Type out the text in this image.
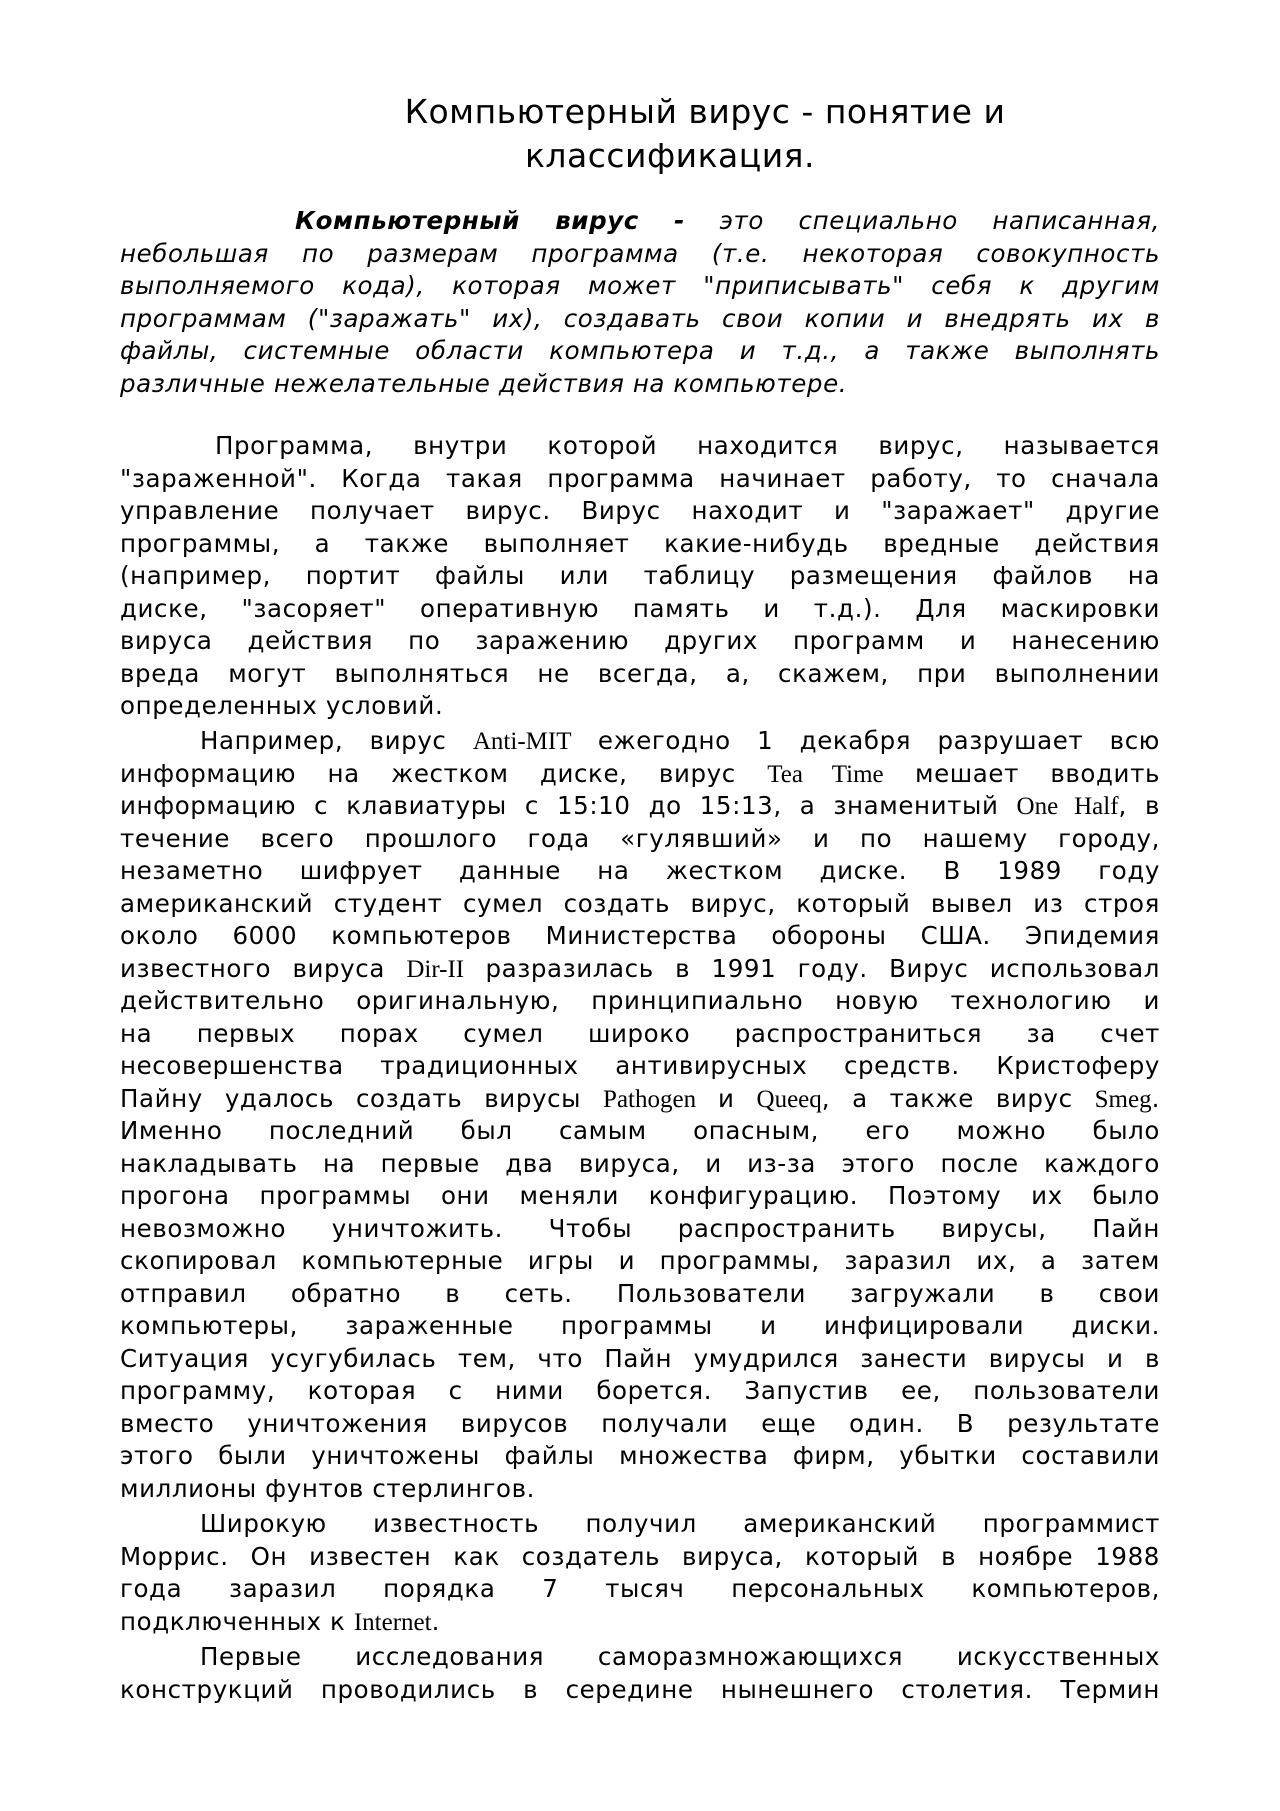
Компьютерный вирус - понятие и
классификация.
Компьютерный вирус - это специально написанная,
небольшая по размерам программа (т.е. некоторая совокупность
выполняемого кода), которая может "приписывать" себя к другим
программам ("заражать" их), создавать свои копии и внедрять их в
файлы, системные области компьютера и т.д., а также выполнять
различные нежелательные действия на компьютере.
Программа, внутри которой находится вирус, называется
"зараженной". Когда такая программа начинает работу, то сначала
управление получает вирус. Вирус находит и "заражает" другие
программы, а также выполняет какие-нибудь вредные действия
(например, портит файлы или таблицу размещения файлов на
диске, "засоряет" оперативную память и т.д.). Для маскировки
вируса действия по заражению других программ и нанесению
вреда могут выполняться не всегда, а, скажем, при выполнении
определенных условий.
Например, вирус Anti-MIT ежегодно 1 декабря разрушает всю
информацию на жестком диске, вирус Tea Time мешает вводить
информацию с клавиатуры с 15:10 до 15:13, а знаменитый One Half, в
течение всего прошлого года «гулявший» и по нашему городу,
незаметно шифрует данные на жестком диске. В 1989 году
американский студент сумел создать вирус, который вывел из строя
около 6000 компьютеров Министерства обороны США. Эпидемия
известного вируса Dir-II разразилась в 1991 году. Вирус использовал
действительно оригинальную, принципиально новую технологию и
на первых порах сумел широко распространиться за счет
несовершенства традиционных антивирусных средств. Кристоферу
Пайну удалось создать вирусы Pathogen и Queeq, а также вирус Smeg.
Именно последний был самым опасным, его можно было
накладывать на первые два вируса, и из-за этого после каждого
прогона программы они меняли конфигурацию. Поэтому их было
невозможно уничтожить. Чтобы распространить вирусы, Пайн
скопировал компьютерные игры и программы, заразил их, а затем
отправил обратно в сеть. Пользователи загружали в свои
компьютеры, зараженные программы и инфицировали диски.
Ситуация усугубилась тем, что Пайн умудрился занести вирусы и в
программу, которая с ними борется. Запустив ее, пользователи
вместо уничтожения вирусов получали еще один. В результате
этого были уничтожены файлы множества фирм, убытки составили
миллионы фунтов стерлингов.
Широкую известность получил американский программист
Моррис. Он известен как создатель вируса, который в ноябре 1988
года заразил порядка 7 тысяч персональных компьютеров,
подключенных к Internet.
Первые исследования саморазмножающихся искусственных
конструкций проводились в середине нынешнего столетия. Термин
